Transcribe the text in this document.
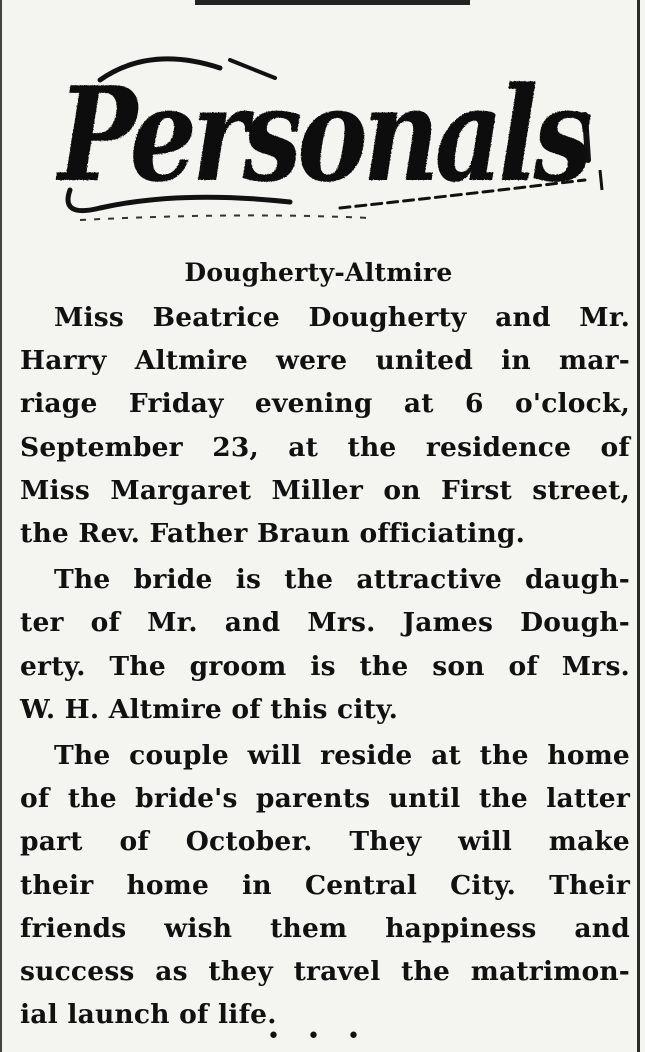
Personals
Dougherty-Altmire

Miss Beatrice Dougherty and Mr.
Harry Altmire were united in mar-
riage Friday evening at 6 o'clock,
September 23, at the residence of
Miss Margaret Miller on First street,
the Rev. Father Braun officiating.

The bride is the attractive daugh-
ter of Mr. and Mrs. James Dough-
erty. The groom is the son of Mrs.
W. H. Altmire of this city.

The couple will reside at the home
of the bride's parents until the latter
part of October. They will make
their home in Central City. Their
friends wish them happiness and
success as they travel the matrimon-
ial launch of life.

• • •
